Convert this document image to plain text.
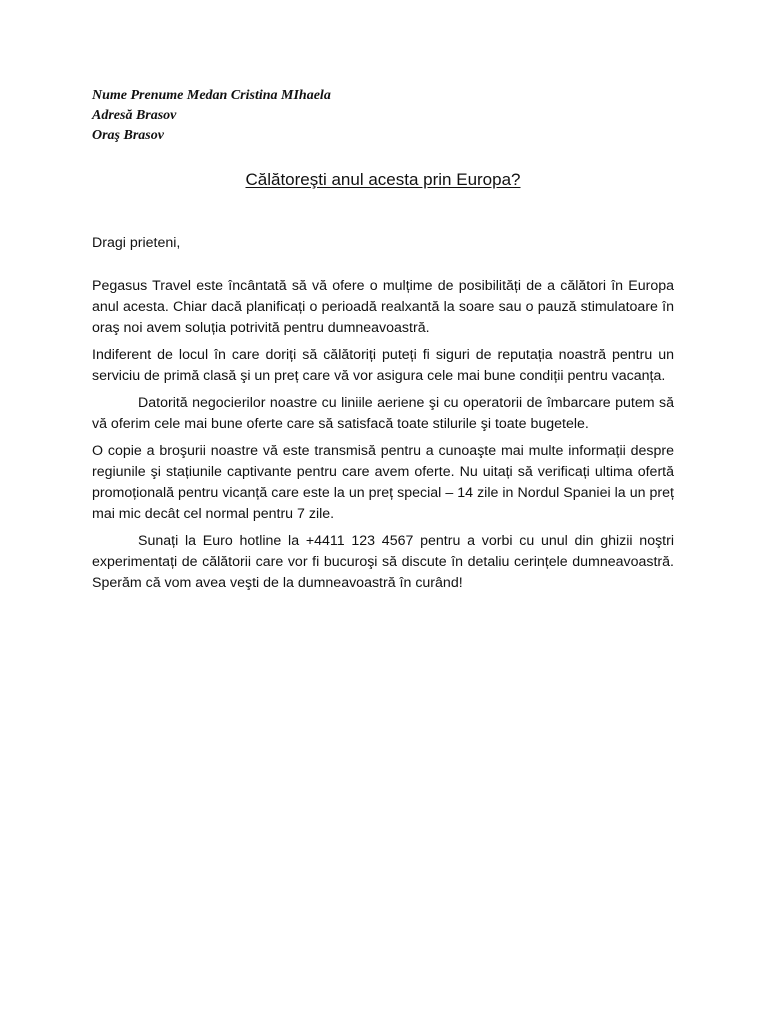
Nume Prenume Medan Cristina MIhaela
Adresă Brasov
Oraş Brasov
Călătoreşti anul acesta prin Europa?

Dragi prieteni,

Pegasus Travel este încântată să vă ofere o mulțime de posibilități de a călători în Europa anul acesta. Chiar dacă planificați o perioadă realxantă la soare sau o pauză stimulatoare în oraş noi avem soluția potrivită pentru dumneavoastră.

Indiferent de locul în care doriți să călătoriți puteți fi siguri de reputația noastră pentru un serviciu de primă clasă şi un preț care vă vor asigura cele mai bune condiții pentru vacanța.

Datorită negocierilor noastre cu liniile aeriene şi cu operatorii de îmbarcare putem să vă oferim cele mai bune oferte care să satisfacă toate stilurile şi toate bugetele.

O copie a broşurii noastre vă este transmisă pentru a cunoaşte mai multe informații despre regiunile şi stațiunile captivante pentru care avem oferte. Nu uitați să verificați ultima ofertă promoțională pentru vicanță care este la un preț special – 14 zile in Nordul Spaniei la un preț mai mic decât cel normal pentru 7 zile.

Sunați la Euro hotline la +4411 123 4567 pentru a vorbi cu unul din ghizii noştri experimentați de călătorii care vor fi bucuroşi să discute în detaliu cerințele dumneavoastră. Sperăm că vom avea veşti de la dumneavoastră în curând!
